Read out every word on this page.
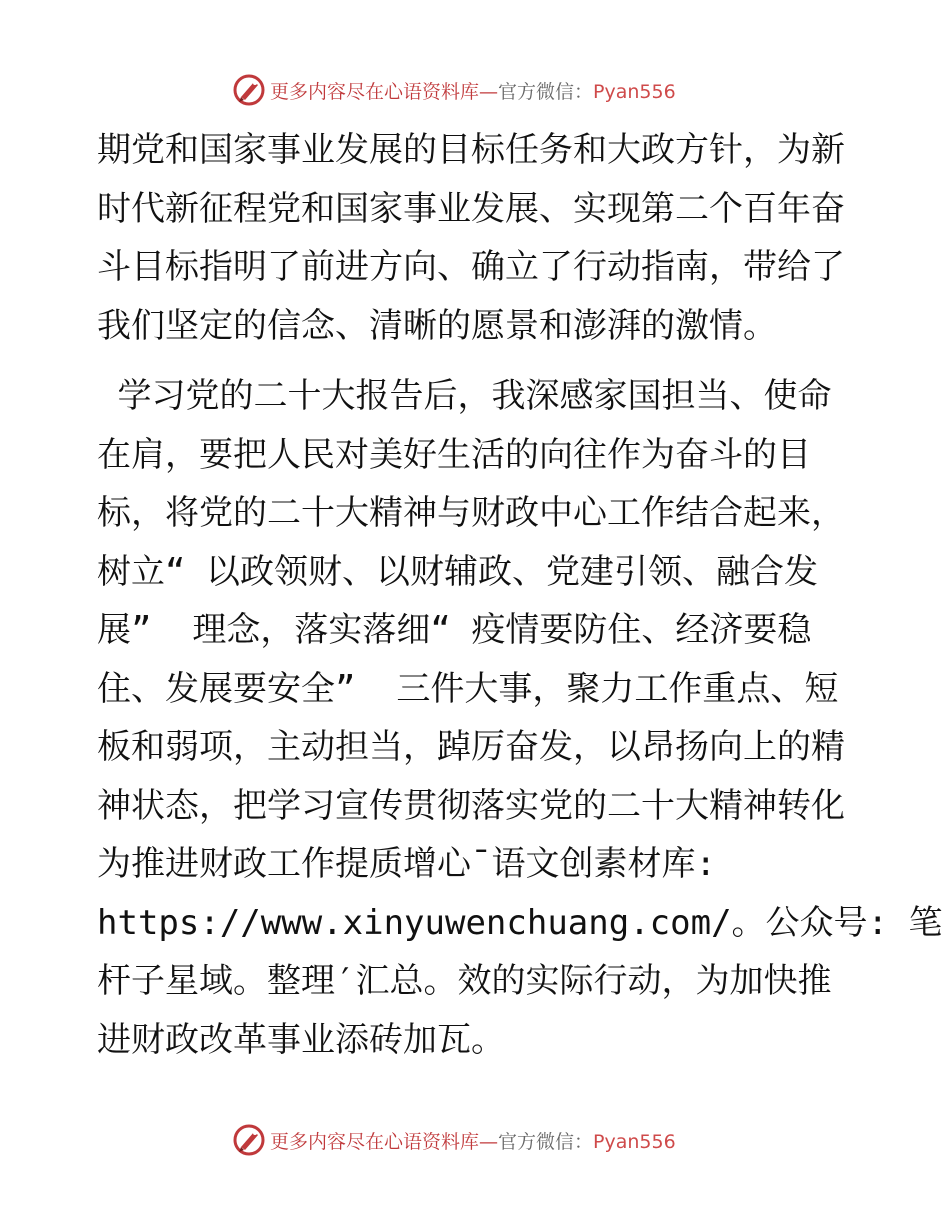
更多内容尽在心语资料库—官方微信：Pyan556

期党和国家事业发展的目标任务和大政方针，为新
时代新征程党和国家事业发展、实现第二个百年奋
斗目标指明了前进方向、确立了行动指南，带给了
我们坚定的信念、清晰的愿景和澎湃的激情。

学习党的二十大报告后，我深感家国担当、使命
在肩，要把人民对美好生活的向往作为奋斗的目
标，将党的二十大精神与财政中心工作结合起来，
树立“ 以政领财、以财辅政、党建引领、融合发
展”  理念，落实落细“ 疫情要防住、经济要稳
住、发展要安全”  三件大事，聚力工作重点、短
板和弱项，主动担当，踔厉奋发，以昂扬向上的精
神状态，把学习宣传贯彻落实党的二十大精神转化
为推进财政工作提质增心¯语文创素材库:
https://www.xinyuwenchuang.com/。公众号: 笔
杆子星域。整理′汇总。效的实际行动，为加快推
进财政改革事业添砖加瓦。

更多内容尽在心语资料库—官方微信：Pyan556
